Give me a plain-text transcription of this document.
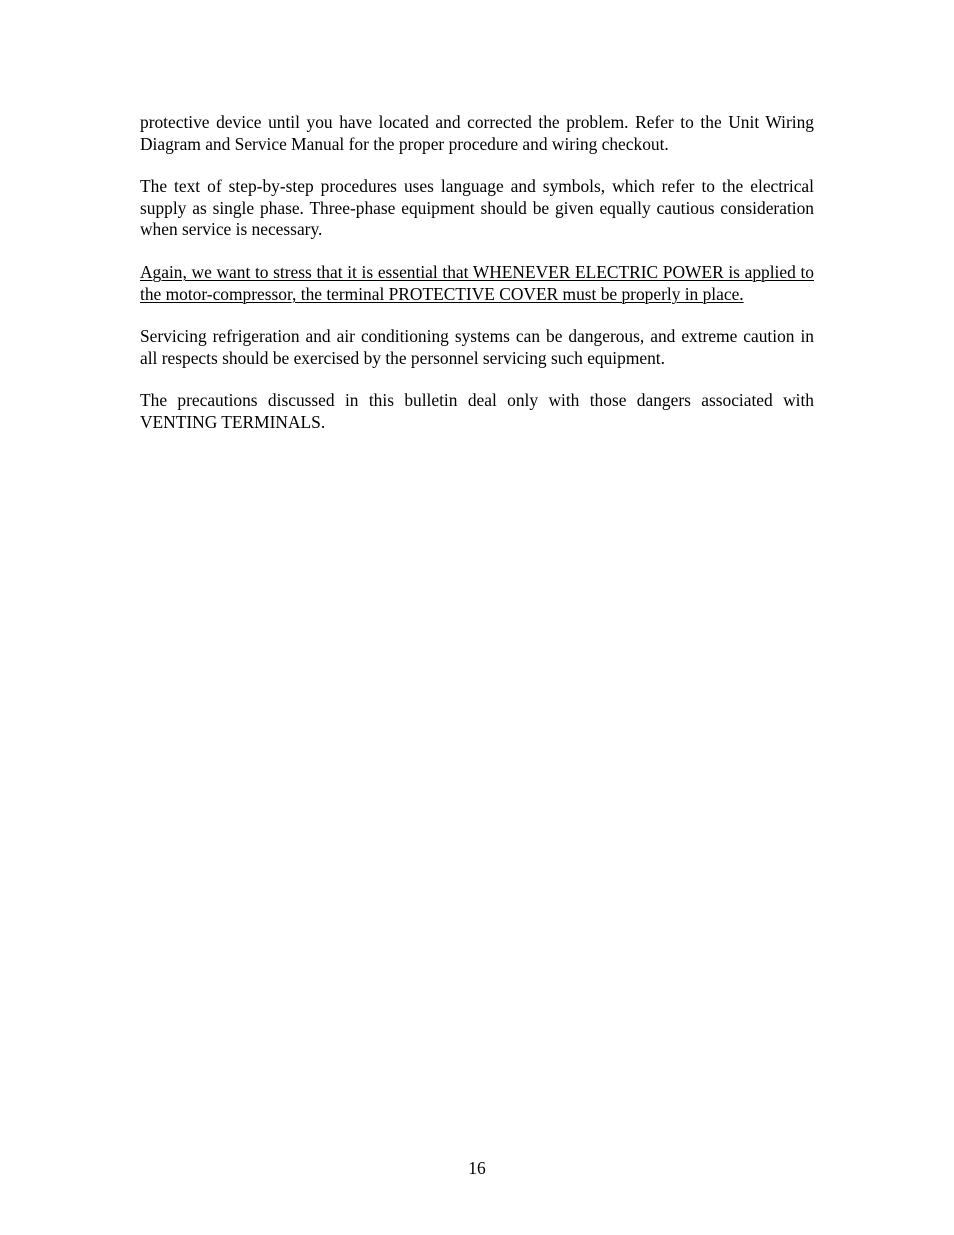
protective device until you have located and corrected the problem. Refer to the Unit Wiring Diagram and Service Manual for the proper procedure and wiring checkout.

The text of step-by-step procedures uses language and symbols, which refer to the electrical supply as single phase. Three-phase equipment should be given equally cautious consideration when service is necessary.

Again, we want to stress that it is essential that WHENEVER ELECTRIC POWER is applied to the motor-compressor, the terminal PROTECTIVE COVER must be properly in place.

Servicing refrigeration and air conditioning systems can be dangerous, and extreme caution in all respects should be exercised by the personnel servicing such equipment.

The precautions discussed in this bulletin deal only with those dangers associated with VENTING TERMINALS.

16
